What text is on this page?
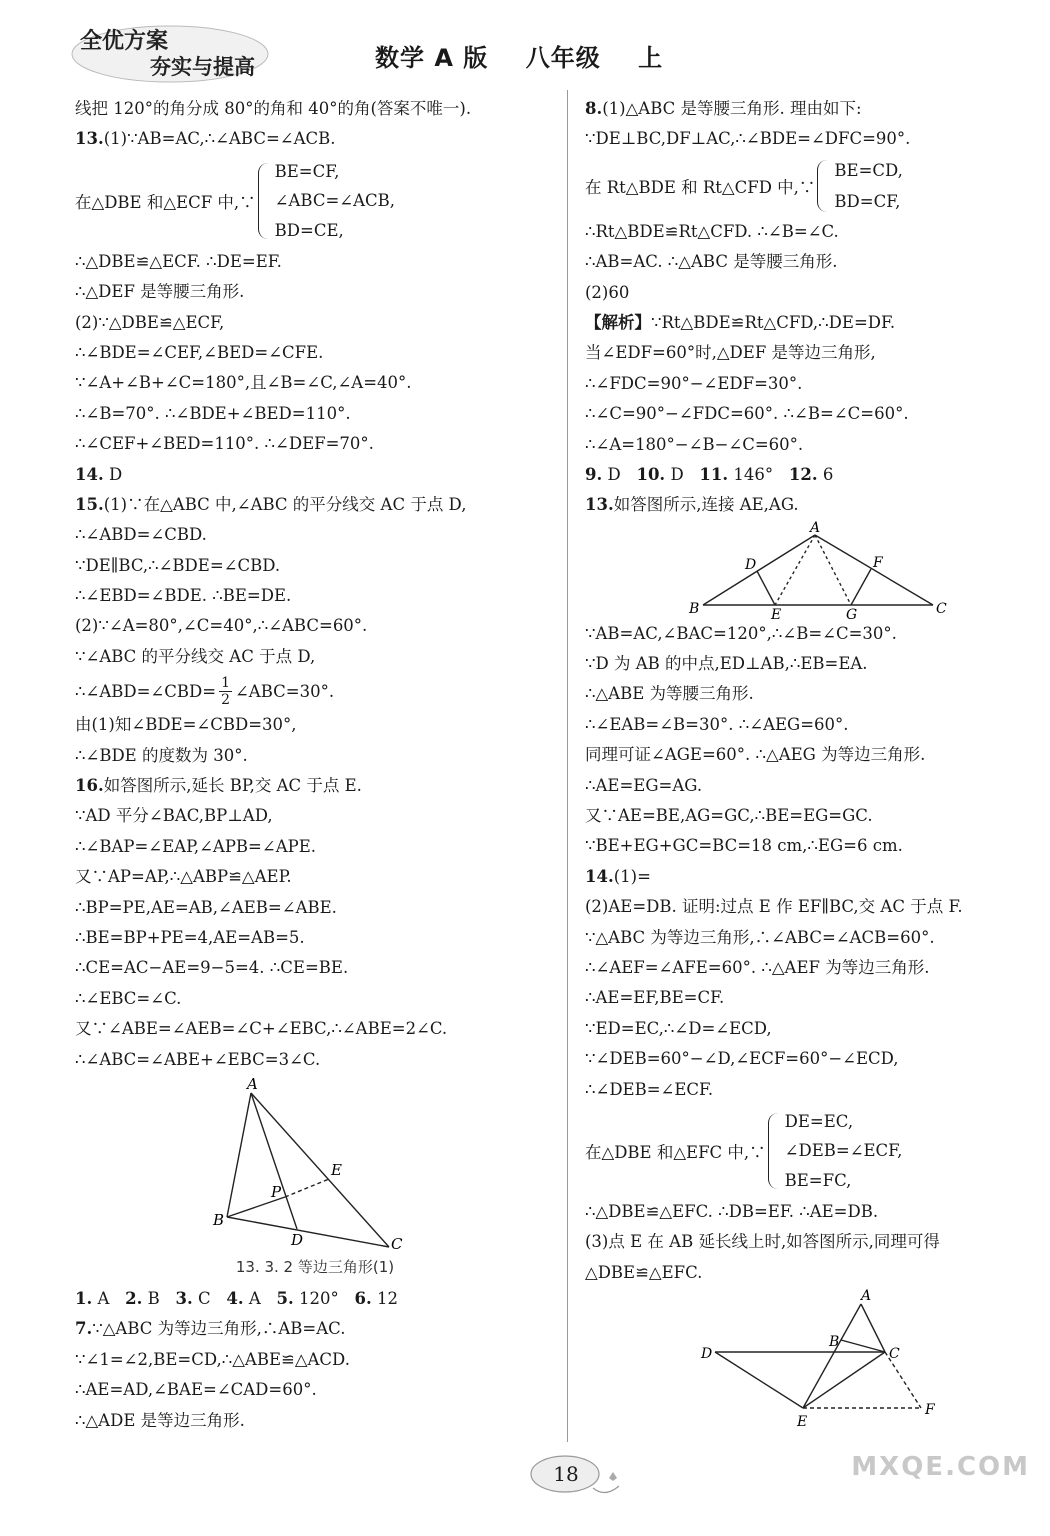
全优方案
夯实与提高	数学 A 版    八年级    上
线把 120°的角分成 80°的角和 40°的角(答案不唯一).
13.(1)∵AB=AC,∴∠ABC=∠ACB.
在△DBE 和△ECF 中,∵
BE=CF,
∠ABC=∠ACB,
BD=CE,
∴△DBE≌△ECF. ∴DE=EF.
∴△DEF 是等腰三角形.
(2)∵△DBE≌△ECF,
∴∠BDE=∠CEF,∠BED=∠CFE.
∵∠A+∠B+∠C=180°,且∠B=∠C,∠A=40°.
∴∠B=70°. ∴∠BDE+∠BED=110°.
∴∠CEF+∠BED=110°. ∴∠DEF=70°.
14. D
15.(1)∵在△ABC 中,∠ABC 的平分线交 AC 于点 D,
∴∠ABD=∠CBD.
∵DE∥BC,∴∠BDE=∠CBD.
∴∠EBD=∠BDE. ∴BE=DE.
(2)∵∠A=80°,∠C=40°,∴∠ABC=60°.
∵∠ABC 的平分线交 AC 于点 D,
∴∠ABD=∠CBD= $\frac{1}{2}$ ∠ABC=30°.
由(1)知∠BDE=∠CBD=30°,
∴∠BDE 的度数为 30°.
16.如答图所示,延长 BP,交 AC 于点 E.
∵AD 平分∠BAC,BP⊥AD,
∴∠BAP=∠EAP,∠APB=∠APE.
又∵AP=AP,∴△ABP≌△AEP.
∴BP=PE,AE=AB,∠AEB=∠ABE.
∴BE=BP+PE=4,AE=AB=5.
∴CE=AC−AE=9−5=4. ∴CE=BE.
∴∠EBC=∠C.
又∵∠ABE=∠AEB=∠C+∠EBC,∴∠ABE=2∠C.
∴∠ABC=∠ABE+∠EBC=3∠C.
A
B
C
D
E
P
13. 3. 2 等边三角形(1)
1. A 2. B 3. C 4. A 5. 120° 6. 12
7.∵△ABC 为等边三角形,∴AB=AC.
∵∠1=∠2,BE=CD,∴△ABE≌△ACD.
∴AE=AD,∠BAE=∠CAD=60°.
∴△ADE 是等边三角形.
8.(1)△ABC 是等腰三角形. 理由如下:
∵DE⊥BC,DF⊥AC,∴∠BDE=∠DFC=90°.
在 Rt△BDE 和 Rt△CFD 中,∵
BE=CD,
BD=CF,
∴Rt△BDE≌Rt△CFD. ∴∠B=∠C.
∴AB=AC. ∴△ABC 是等腰三角形.
(2)60
【解析】∵Rt△BDE≌Rt△CFD,∴DE=DF.
当∠EDF=60°时,△DEF 是等边三角形,
∴∠FDC=90°−∠EDF=30°.
∴∠C=90°−∠FDC=60°. ∴∠B=∠C=60°.
∴∠A=180°−∠B−∠C=60°.
9. D 10. D 11. 146° 12. 6
13.如答图所示,连接 AE,AG.
A
B	C
D
E
F
G
∵AB=AC,∠BAC=120°,∴∠B=∠C=30°.
∵D 为 AB 的中点,ED⊥AB,∴EB=EA.
∴△ABE 为等腰三角形.
∴∠EAB=∠B=30°. ∴∠AEG=60°.
同理可证∠AGE=60°. ∴△AEG 为等边三角形.
∴AE=EG=AG.
又∵AE=BE,AG=GC,∴BE=EG=GC.
∵BE+EG+GC=BC=18 cm,∴EG=6 cm.
14.(1)=
(2)AE=DB. 证明:过点 E 作 EF∥BC,交 AC 于点 F.
∵△ABC 为等边三角形,∴∠ABC=∠ACB=60°.
∴∠AEF=∠AFE=60°. ∴△AEF 为等边三角形.
∴AE=EF,BE=CF.
∵ED=EC,∴∠D=∠ECD,
∵∠DEB=60°−∠D,∠ECF=60°−∠ECD,
∴∠DEB=∠ECF.
在△DBE 和△EFC 中,∵
DE=EC,
∠DEB=∠ECF,
BE=FC,
∴△DBE≌△EFC. ∴DB=EF. ∴AE=DB.
(3)点 E 在 AB 延长线上时,如答图所示,同理可得
△DBE≌△EFC.
A
B
C
D
E
F
18	MXQE.COM
